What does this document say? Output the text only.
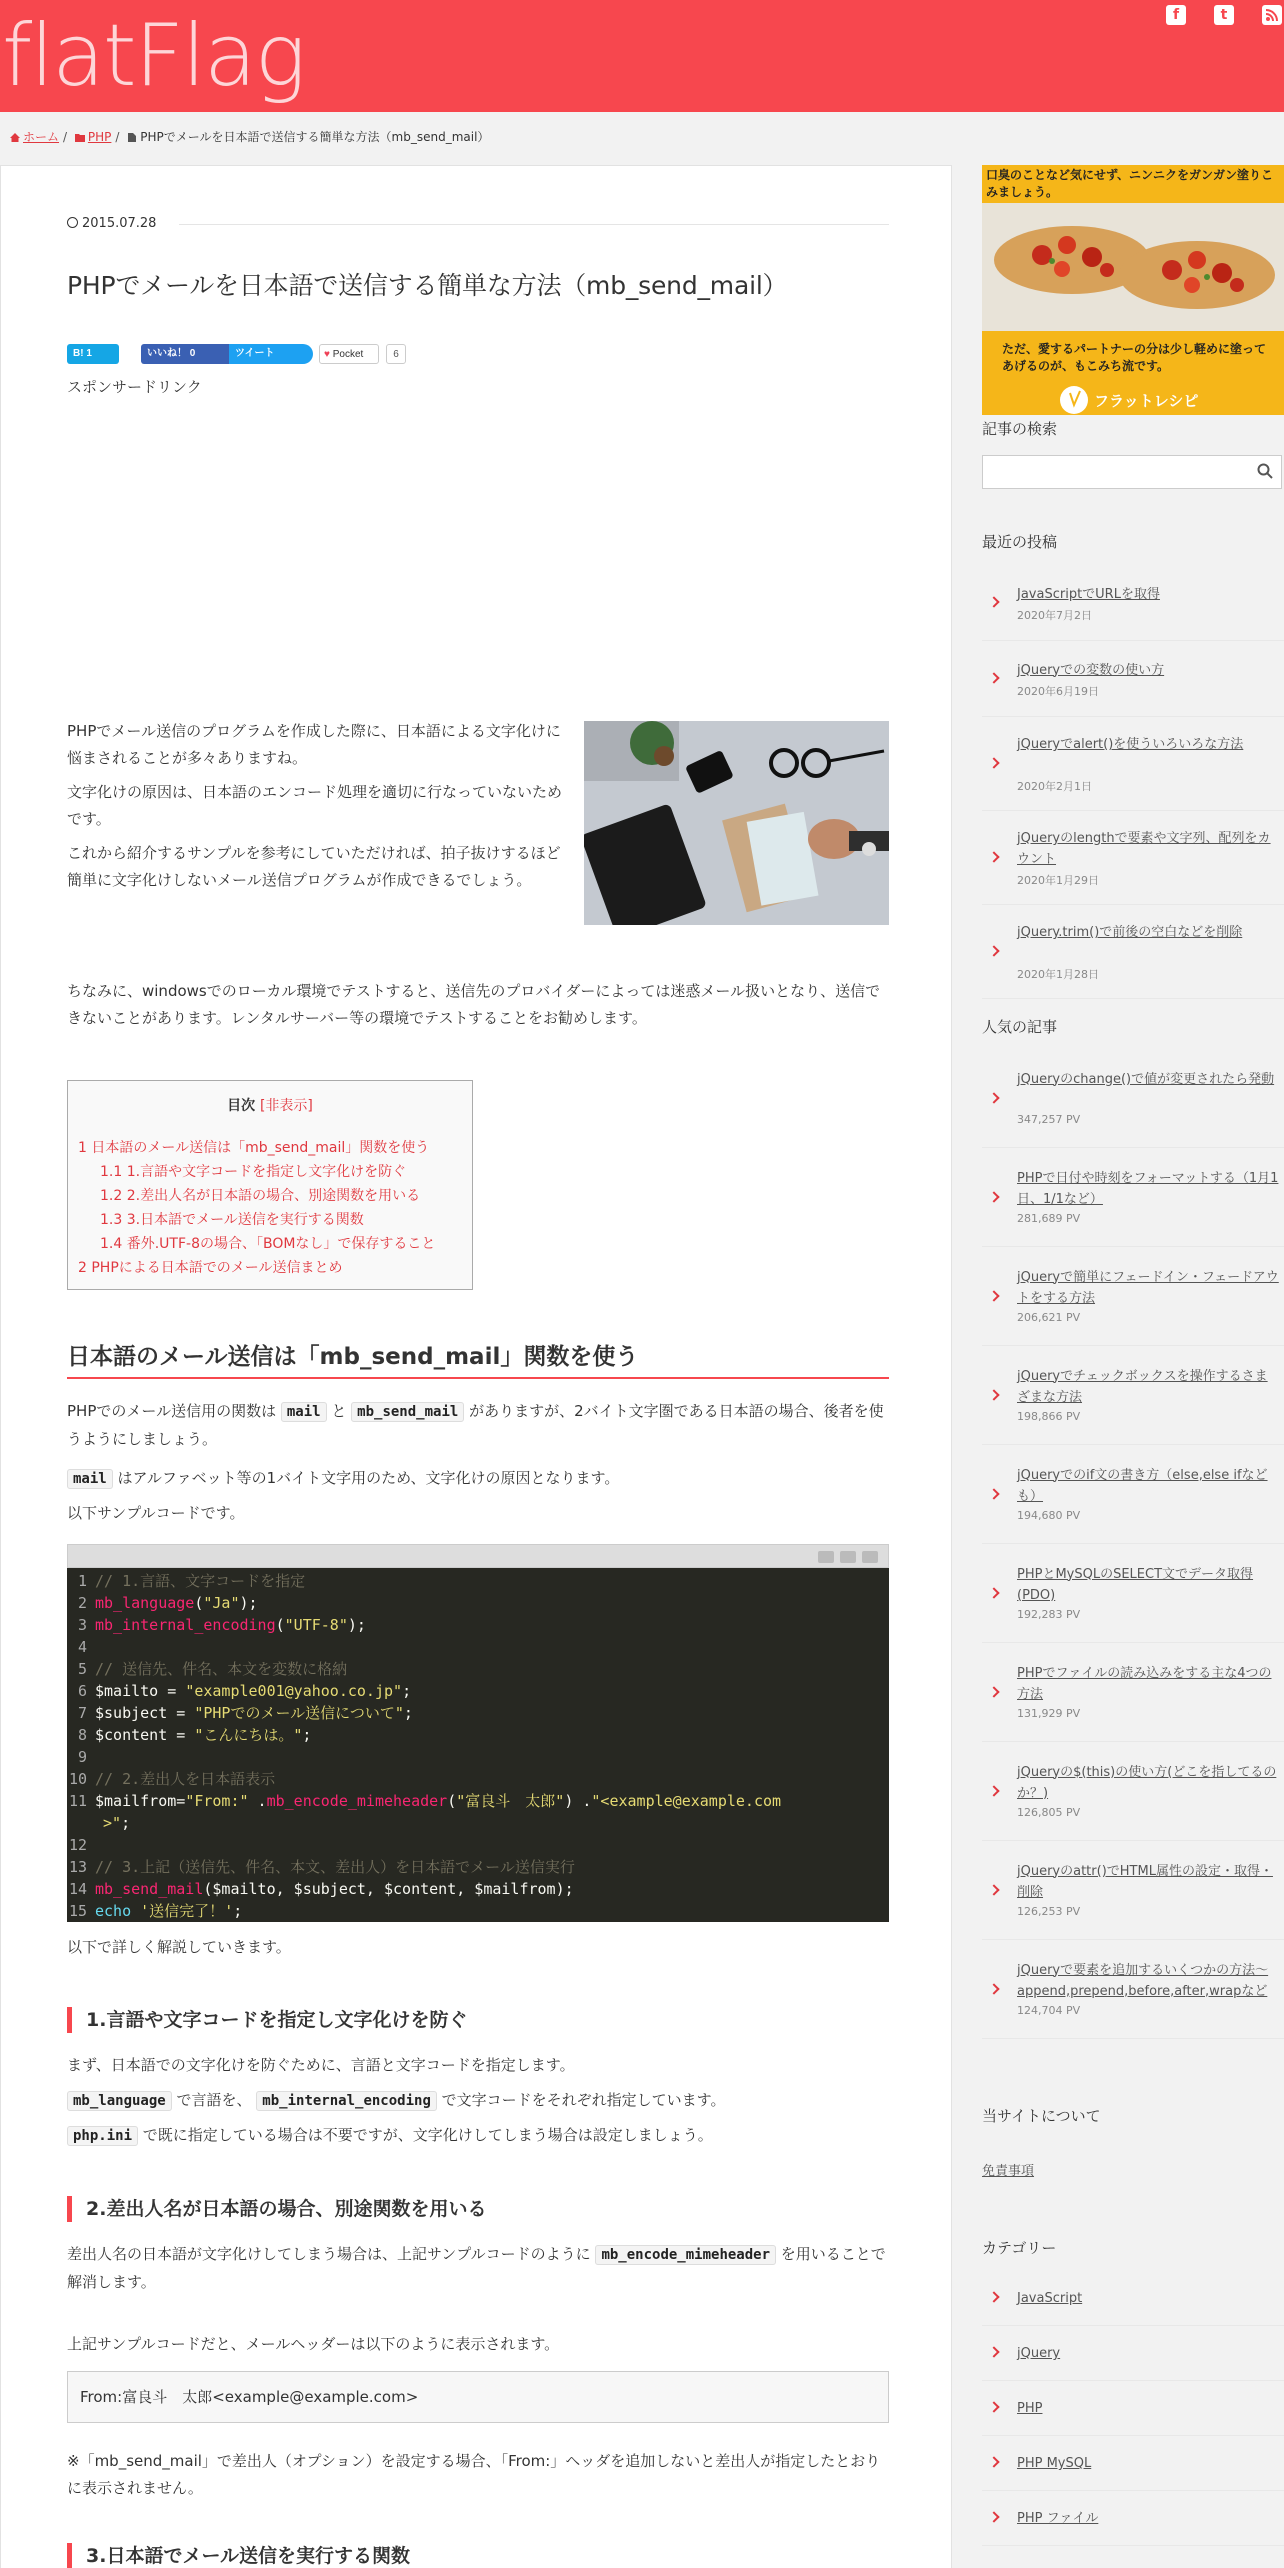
flatFlag	f	t
ホーム / PHP / PHPでメールを日本語で送信する簡単な方法（mb_send_mail）
2015.07.28
PHPでメールを日本語で送信する簡単な方法（mb_send_mail）
B! 1	いいね！ 0	ツイート	♥ Pocket	6
スポンサードリンク

PHPでメール送信のプログラムを作成した際に、日本語による文字化けに悩まされることが多々ありますね。

文字化けの原因は、日本語のエンコード処理を適切に行なっていないためです。

これから紹介するサンプルを参考にしていただければ、拍子抜けするほど簡単に文字化けしないメール送信プログラムが作成できるでしょう。

ちなみに、windowsでのローカル環境でテストすると、送信先のプロバイダーによっては迷惑メール扱いとなり、送信できないことがあります。レンタルサーバー等の環境でテストすることをお勧めします。
目次 [非表示]
1 日本語のメール送信は「mb_send_mail」関数を使う
1.1 1.言語や文字コードを指定し文字化けを防ぐ
1.2 2.差出人名が日本語の場合、別途関数を用いる
1.3 3.日本語でメール送信を実行する関数
1.4 番外.UTF-8の場合、「BOMなし」で保存すること
2 PHPによる日本語でのメール送信まとめ
日本語のメール送信は「mb_send_mail」関数を使う
PHPでのメール送信用の関数は mail と mb_send_mail がありますが、2バイト文字圏である日本語の場合、後者を使うようにしましょう。
mail はアルファベット等の1バイト文字用のため、文字化けの原因となります。
以下サンプルコードです。
1 // 1.言語、文字コードを指定
2 mb_language("Ja");
3 mb_internal_encoding("UTF-8");
4
5 // 送信先、件名、本文を変数に格納
6 $mailto = "example001@yahoo.co.jp";
7 $subject = "PHPでのメール送信について";
8 $content = "こんにちは。";
9
10 // 2.差出人を日本語表示
11 $mailfrom="From:" .mb_encode_mimeheader("富良斗　太郎") ."<example@example.com
>";
12
13 // 3.上記（送信先、件名、本文、差出人）を日本語でメール送信実行
14 mb_send_mail($mailto, $subject, $content, $mailfrom);
15 echo '送信完了！';
以下で詳しく解説していきます。
1.言語や文字コードを指定し文字化けを防ぐ
まず、日本語での文字化けを防ぐために、言語と文字コードを指定します。
mb_language で言語を、 mb_internal_encoding で文字コードをそれぞれ指定しています。
php.ini で既に指定している場合は不要ですが、文字化けしてしまう場合は設定しましょう。
2.差出人名が日本語の場合、別途関数を用いる
差出人名の日本語が文字化けしてしまう場合は、上記サンプルコードのように mb_encode_mimeheader を用いることで解消します。
上記サンプルコードだと、メールヘッダーは以下のように表示されます。
From:富良斗　太郎<example@example.com>
※「mb_send_mail」で差出人（オプション）を設定する場合、「From:」ヘッダを追加しないと差出人が指定したとおりに表示されません。
3.日本語でメール送信を実行する関数
口臭のことなど気にせず、ニンニクをガンガン塗りこみましょう。
ただ、愛するパートナーの分は少し軽めに塗ってあげるのが、もこみち流です。
フラットレシピ
記事の検索
最近の投稿
JavaScriptでURLを取得
2020年7月2日
jQueryでの変数の使い方
2020年6月19日
jQueryでalert()を使ういろいろな方法
2020年2月1日
jQueryのlengthで要素や文字列、配列をカウント
2020年1月29日
jQuery.trim()で前後の空白などを削除
2020年1月28日
人気の記事
jQueryのchange()で値が変更されたら発動
347,257 PV
PHPで日付や時刻をフォーマットする（1月1日、1/1など）
281,689 PV
jQueryで簡単にフェードイン・フェードアウトをする方法
206,621 PV
jQueryでチェックボックスを操作するさまざまな方法
198,866 PV
jQueryでのif文の書き方（else,else ifなども）
194,680 PV
PHPとMySQLのSELECT文でデータ取得(PDO)
192,283 PV
PHPでファイルの読み込みをする主な4つの方法
131,929 PV
jQueryの$(this)の使い方(どこを指してるのか？)
126,805 PV
jQueryのattr()でHTML属性の設定・取得・削除
126,253 PV
jQueryで要素を追加するいくつかの方法〜append,prepend,before,after,wrapなど
124,704 PV
当サイトについて
免責事項
カテゴリー
JavaScript
jQuery
PHP
PHP MySQL
PHP ファイル
